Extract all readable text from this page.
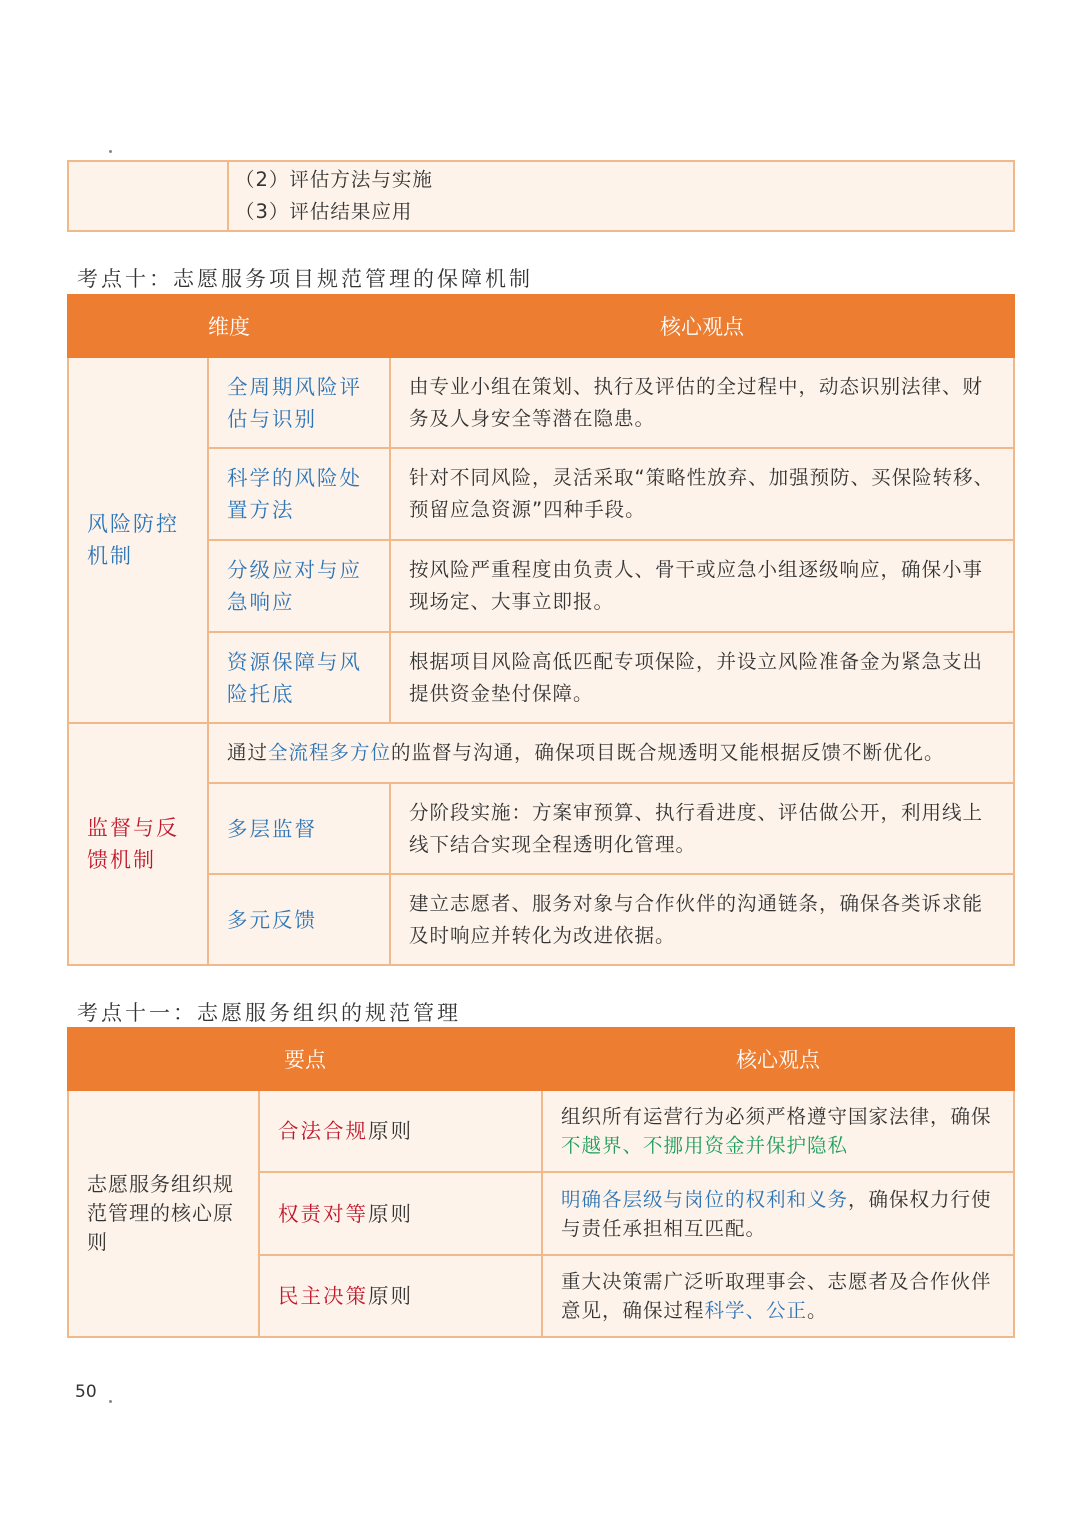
（2）评估方法与实施
（3）评估结果应用
考点十：志愿服务项目规范管理的保障机制
维度		核心观点
风险防控机制	全周期风险评估与识别	由专业小组在策划、执行及评估的全过程中，动态识别法律、财务及人身安全等潜在隐患。
	科学的风险处置方法	针对不同风险，灵活采取“策略性放弃、加强预防、买保险转移、预留应急资源”四种手段。
	分级应对与应急响应	按风险严重程度由负责人、骨干或应急小组逐级响应，确保小事现场定、大事立即报。
	资源保障与风险托底	根据项目风险高低匹配专项保险，并设立风险准备金为紧急支出提供资金垫付保障。
监督与反馈机制	通过全流程多方位的监督与沟通，确保项目既合规透明又能根据反馈不断优化。	
	多层监督	分阶段实施：方案审预算、执行看进度、评估做公开，利用线上线下结合实现全程透明化管理。
	多元反馈	建立志愿者、服务对象与合作伙伴的沟通链条，确保各类诉求能及时响应并转化为改进依据。
考点十一：志愿服务组织的规范管理
要点		核心观点
志愿服务组织规范管理的核心原则	合法合规原则	组织所有运营行为必须严格遵守国家法律，确保不越界、不挪用资金并保护隐私
	权责对等原则	明确各层级与岗位的权利和义务，确保权力行使与责任承担相互匹配。
	民主决策原则	重大决策需广泛听取理事会、志愿者及合作伙伴意见，确保过程科学、公正。
50
